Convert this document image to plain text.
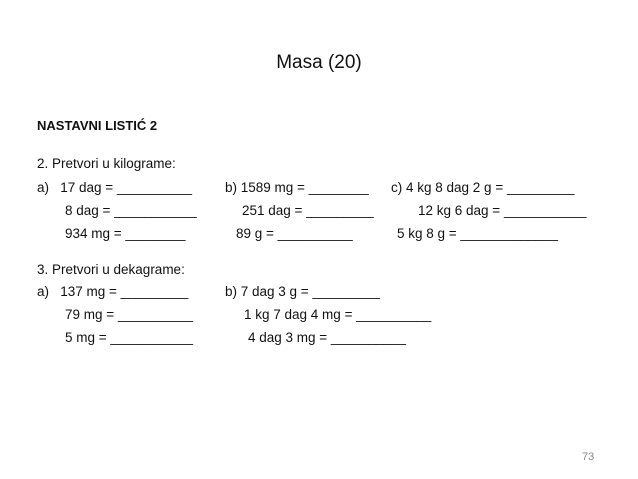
Masa (20)
NASTAVNI LISTIĆ 2
2. Pretvori u kilograme:
a)   17 dag = __________ b) 1589 mg = ________ c) 4 kg 8 dag 2 g = _________
8 dag = ___________	251 dag = _________	12 kg 6 dag = ___________
934 mg = ________	89 g = __________	5 kg 8 g = _____________
3. Pretvori u dekagrame:
a)   137 mg = _________	b) 7 dag 3 g = _________
79 mg = __________	1 kg 7 dag 4 mg = __________
5 mg = ___________	4 dag 3 mg = __________
73
